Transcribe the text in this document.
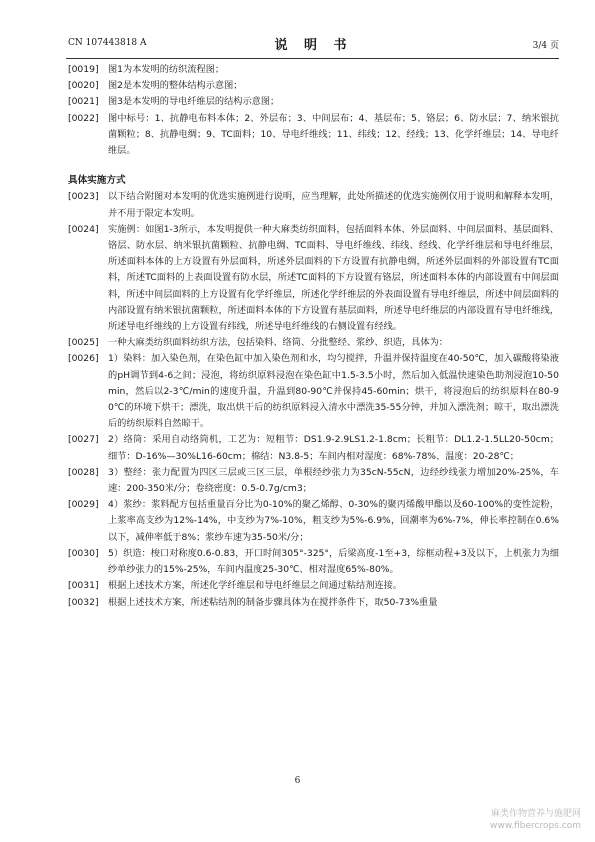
CN 107443818 A	说 明 书	3/4 页
[0019]	图1为本发明的纺织流程图；
[0020]	图2是本发明的整体结构示意图；
[0021]	图3是本发明的导电纤维层的结构示意图；
[0022]	图中标号：1、抗静电布料本体；2、外层布；3、中间层布；4、基层布；5、铬层；6、防水层；7、纳米银抗菌颗粒；8、抗静电绸；9、TC面料；10、导电纤维线；11、纬线；12、经线；13、化学纤维层；14、导电纤维层。
具体实施方式
[0023]	以下结合附图对本发明的优选实施例进行说明，应当理解，此处所描述的优选实施例仅用于说明和解释本发明，并不用于限定本发明。
[0024]	实施例：如图1-3所示，本发明提供一种大麻类纺织面料，包括面料本体、外层面料、中间层面料、基层面料、铬层、防水层、纳米银抗菌颗粒、抗静电绸、TC面料、导电纤维线、纬线、经线、化学纤维层和导电纤维层，所述面料本体的上方设置有外层面料，所述外层面料的下方设置有抗静电绸，所述外层面料的外部设置有TC面料，所述TC面料的上表面设置有防水层，所述TC面料的下方设置有铬层，所述面料本体的内部设置有中间层面料，所述中间层面料的上方设置有化学纤维层，所述化学纤维层的外表面设置有导电纤维层，所述中间层面料的内部设置有纳米银抗菌颗粒，所述面料本体的下方设置有基层面料，所述导电纤维层的内部设置有导电纤维线，所述导电纤维线的上方设置有纬线，所述导电纤维线的右侧设置有经线。
[0025]	一种大麻类纺织面料纺织方法，包括染料、络筒、分批整经、浆纱、织造，具体为：
[0026]	1）染料：加入染色剂，在染色缸中加入染色剂和水，均匀搅拌，升温并保持温度在40-50℃，加入碳酸将染液的pH调节到4-6之间；浸泡，将纺织原料浸泡在染色缸中1.5-3.5小时，然后加入低温快速染色助剂浸泡10-50min，然后以2-3℃/min的速度升温，升温到80-90℃并保持45-60min；烘干，将浸泡后的纺织原料在80-90℃的环境下烘干；漂洗，取出烘干后的纺织原料浸入清水中漂洗35-55分钟，并加入漂洗剂；晾干，取出漂洗后的纺织原料自然晾干。
[0027]	2）络筒：采用自动络筒机，工艺为：短粗节：DS1.9-2.9LS1.2-1.8cm；长粗节：DL1.2-1.5LL20-50cm；细节：D-16%—30%L16-60cm；棉结：N3.8-5；车间内相对湿度：68%-78%、温度：20-28℃；
[0028]	3）整经：张力配置为四区三层或三区三层，单根经纱张力为35cN-55cN，边经纱线张力增加20%-25%，车速：200-350米/分；卷绕密度：0.5-0.7g/cm3；
[0029]	4）浆纱：浆料配方包括重量百分比为0-10%的聚乙烯醇、0-30%的聚丙烯酸甲酯以及60-100%的变性淀粉，上浆率高支纱为12%-14%，中支纱为7%-10%，粗支纱为5%-6.9%，回潮率为6%-7%，伸长率控制在0.6%以下，减伸率低于8%；浆纱车速为35-50米/分；
[0030]	5）织造：梭口对称度0.6-0.83，开口时间305°-325°，后梁高度-1至+3，综框动程+3及以下，上机张力为细纱单纱张力的15%-25%，车间内温度25-30℃、相对湿度65%-80%。
[0031]	根据上述技术方案，所述化学纤维层和导电纤维层之间通过粘结剂连接。
[0032]	根据上述技术方案，所述粘结剂的制备步骤具体为在搅拌条件下，取50-73%重量
6
麻类作物营养与施肥网
www.fibercrops.com
